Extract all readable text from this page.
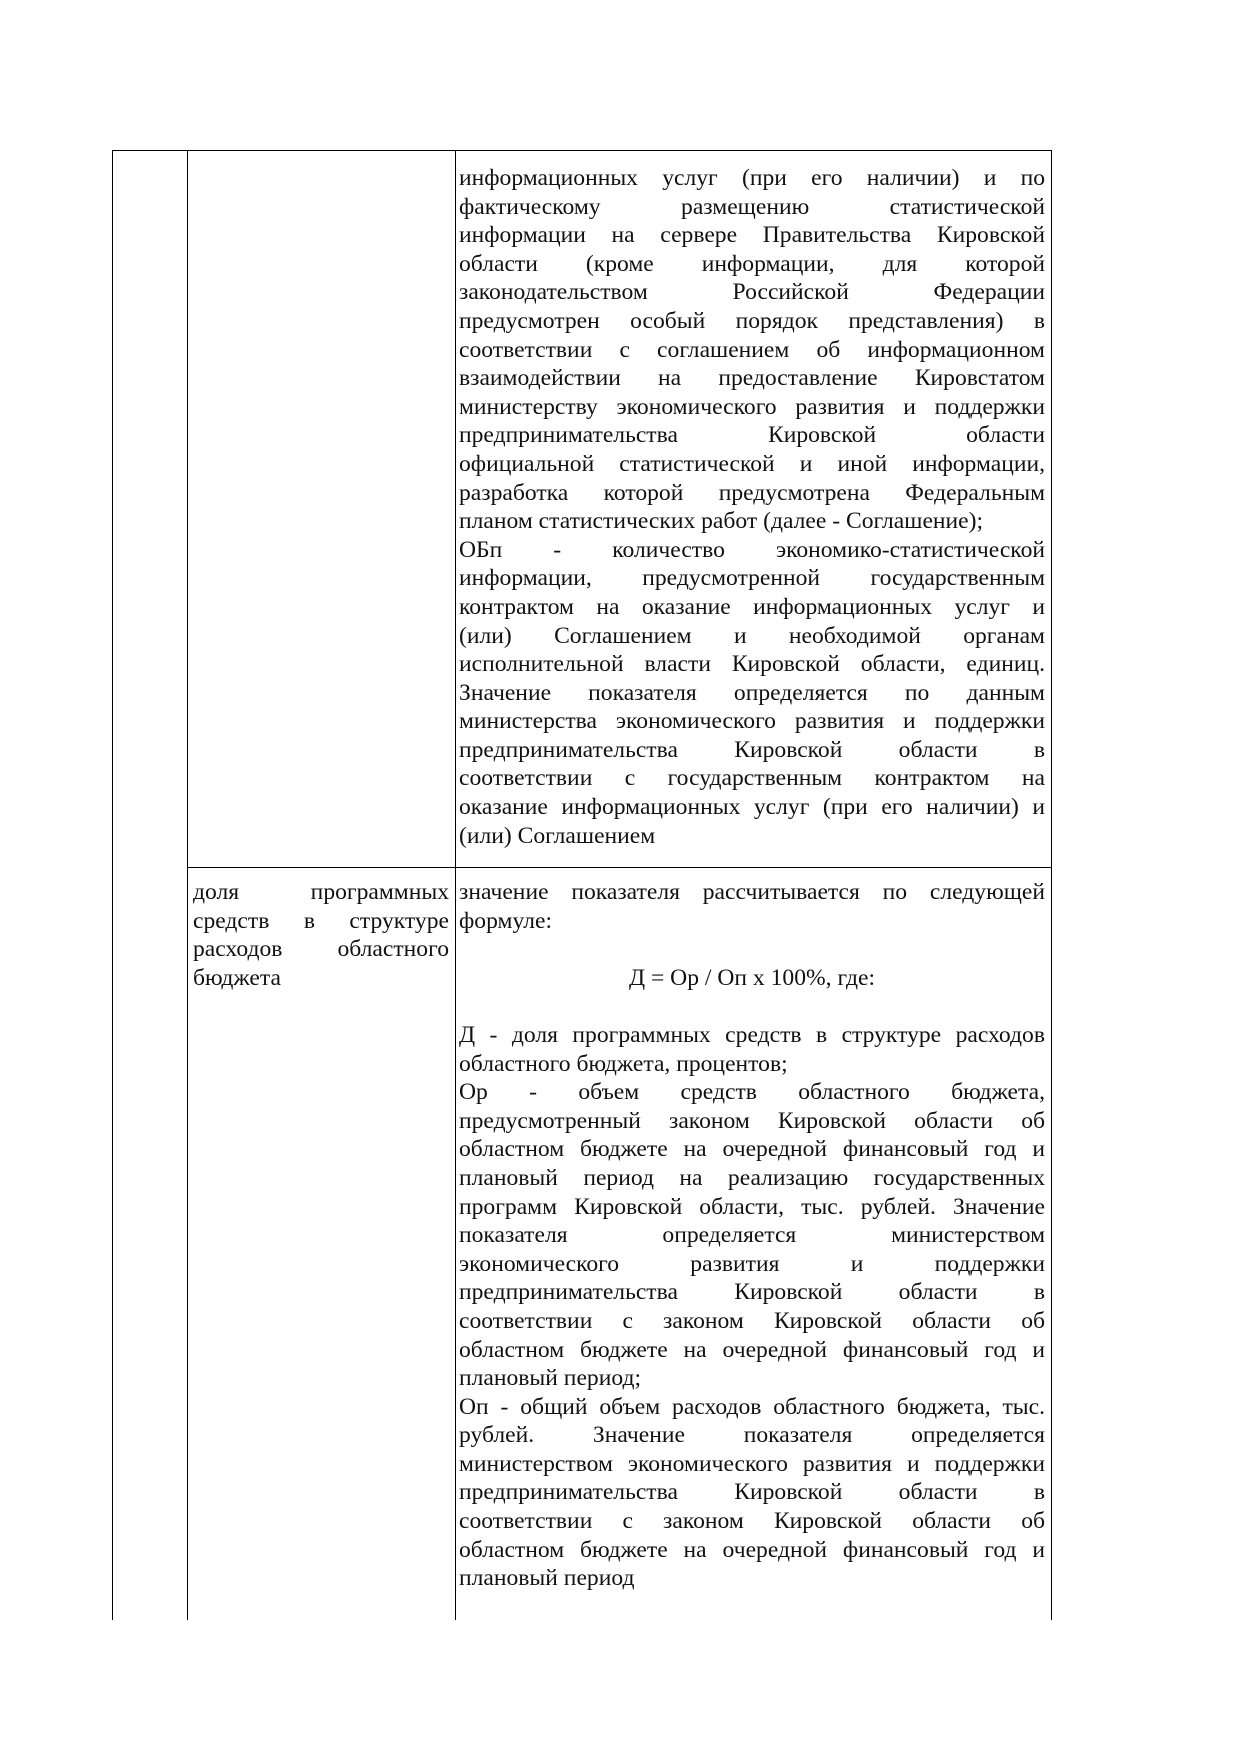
информационных услуг (при его наличии) и по
фактическому размещению статистической
информации на сервере Правительства Кировской
области (кроме информации, для которой
законодательством Российской Федерации
предусмотрен особый порядок представления) в
соответствии с соглашением об информационном
взаимодействии на предоставление Кировстатом
министерству экономического развития и поддержки
предпринимательства Кировской области
официальной статистической и иной информации,
разработка которой предусмотрена Федеральным
планом статистических работ (далее - Соглашение);
ОБп - количество экономико-статистической
информации, предусмотренной государственным
контрактом на оказание информационных услуг и
(или) Соглашением и необходимой органам
исполнительной власти Кировской области, единиц.
Значение показателя определяется по данным
министерства экономического развития и поддержки
предпринимательства Кировской области в
соответствии с государственным контрактом на
оказание информационных услуг (при его наличии) и
(или) Соглашением
доля программных
средств в структуре
расходов областного
бюджета
значение показателя рассчитывается по следующей
формуле:
Д = Ор / Оп х 100%, где:
Д - доля программных средств в структуре расходов
областного бюджета, процентов;
Ор - объем средств областного бюджета,
предусмотренный законом Кировской области об
областном бюджете на очередной финансовый год и
плановый период на реализацию государственных
программ Кировской области, тыс. рублей. Значение
показателя определяется министерством
экономического развития и поддержки
предпринимательства Кировской области в
соответствии с законом Кировской области об
областном бюджете на очередной финансовый год и
плановый период;
Оп - общий объем расходов областного бюджета, тыс.
рублей. Значение показателя определяется
министерством экономического развития и поддержки
предпринимательства Кировской области в
соответствии с законом Кировской области об
областном бюджете на очередной финансовый год и
плановый период
